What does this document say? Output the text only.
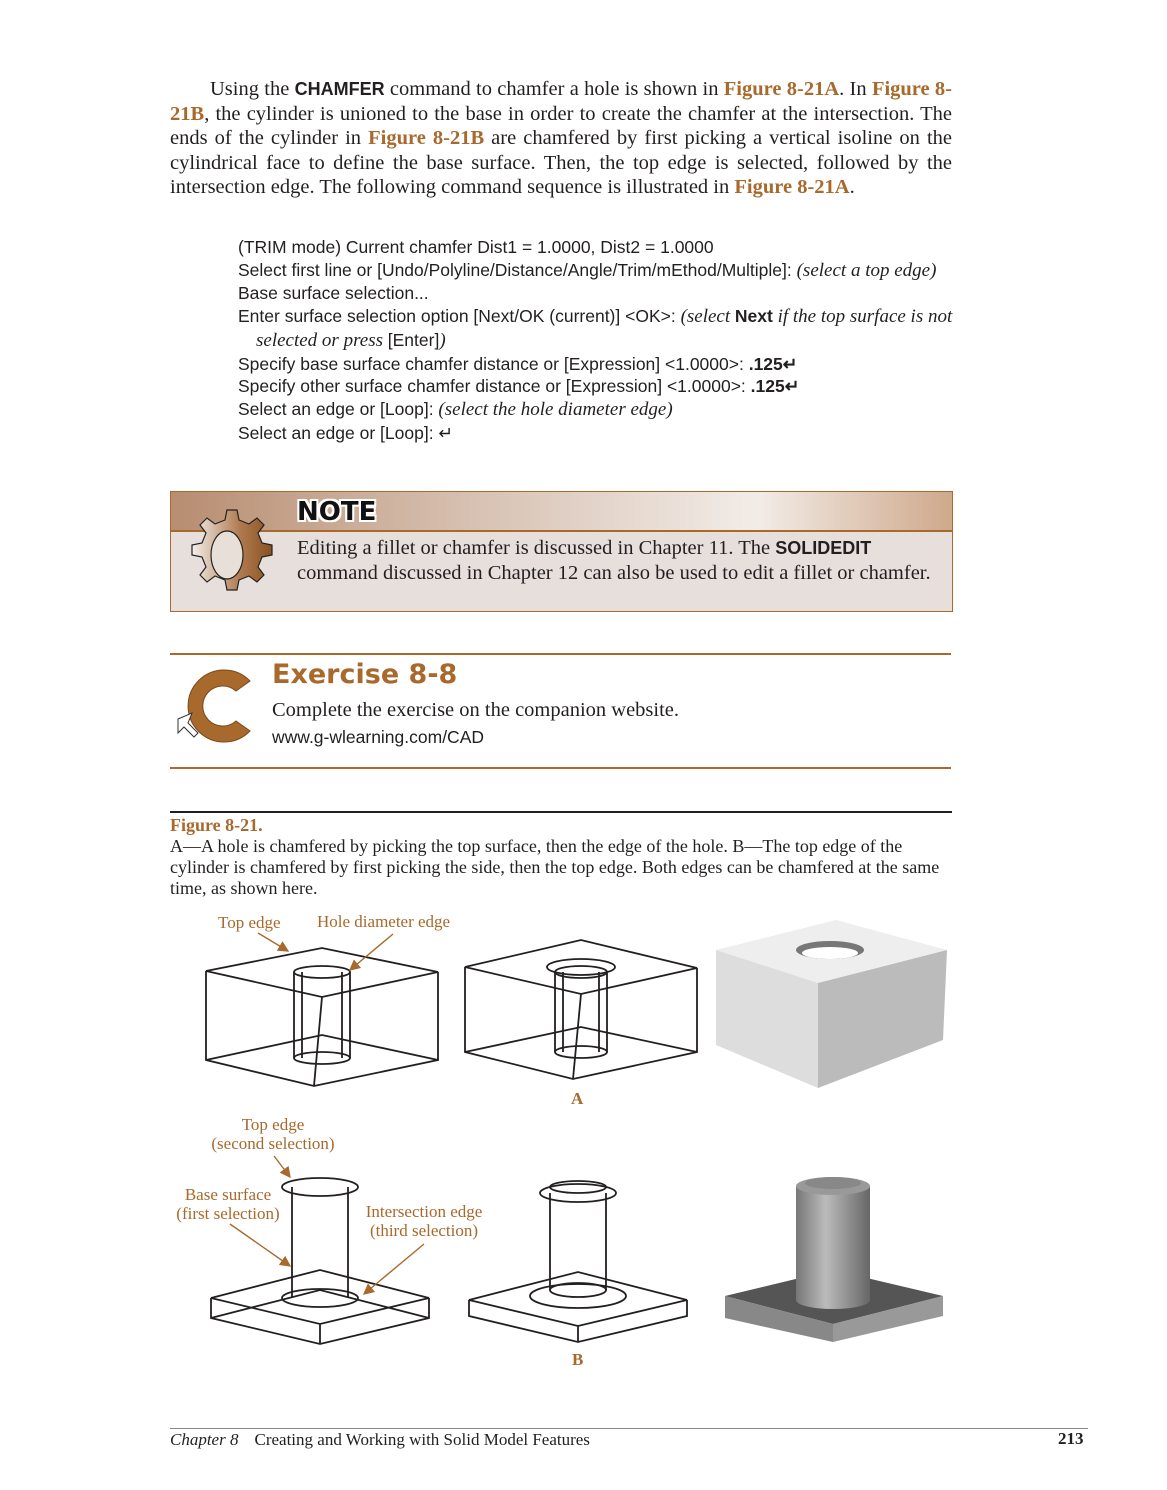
Using the CHAMFER command to chamfer a hole is shown in Figure 8-21A. In Figure 8-21B, the cylinder is unioned to the base in order to create the chamfer at the intersection. The ends of the cylinder in Figure 8-21B are chamfered by first picking a vertical isoline on the cylindrical face to define the base surface. Then, the top edge is selected, followed by the intersection edge. The following command sequence is illustrated in Figure 8-21A.
(TRIM mode) Current chamfer Dist1 = 1.0000, Dist2 = 1.0000
Select first line or [Undo/Polyline/Distance/Angle/Trim/mEthod/Multiple]: (select a top edge)
Base surface selection...
Enter surface selection option [Next/OK (current)] <OK>: (select Next if the top surface is not selected or press [Enter])
Specify base surface chamfer distance or [Expression] <1.0000>: .125↵
Specify other surface chamfer distance or [Expression] <1.0000>: .125↵
Select an edge or [Loop]: (select the hole diameter edge)
Select an edge or [Loop]: ↵
NOTE
Editing a fillet or chamfer is discussed in Chapter 11. The SOLIDEDIT command discussed in Chapter 12 can also be used to edit a fillet or chamfer.
Exercise 8-8
Complete the exercise on the companion website.
www.g-wlearning.com/CAD
Figure 8-21.
A—A hole is chamfered by picking the top surface, then the edge of the hole. B—The top edge of the cylinder is chamfered by first picking the side, then the top edge. Both edges can be chamfered at the same time, as shown here.
Top edge Hole diameter edge
A
Top edge
(second selection)
Base surface
(first selection)	Intersection edge
(third selection)
B
Chapter 8 Creating and Working with Solid Model Features	213
